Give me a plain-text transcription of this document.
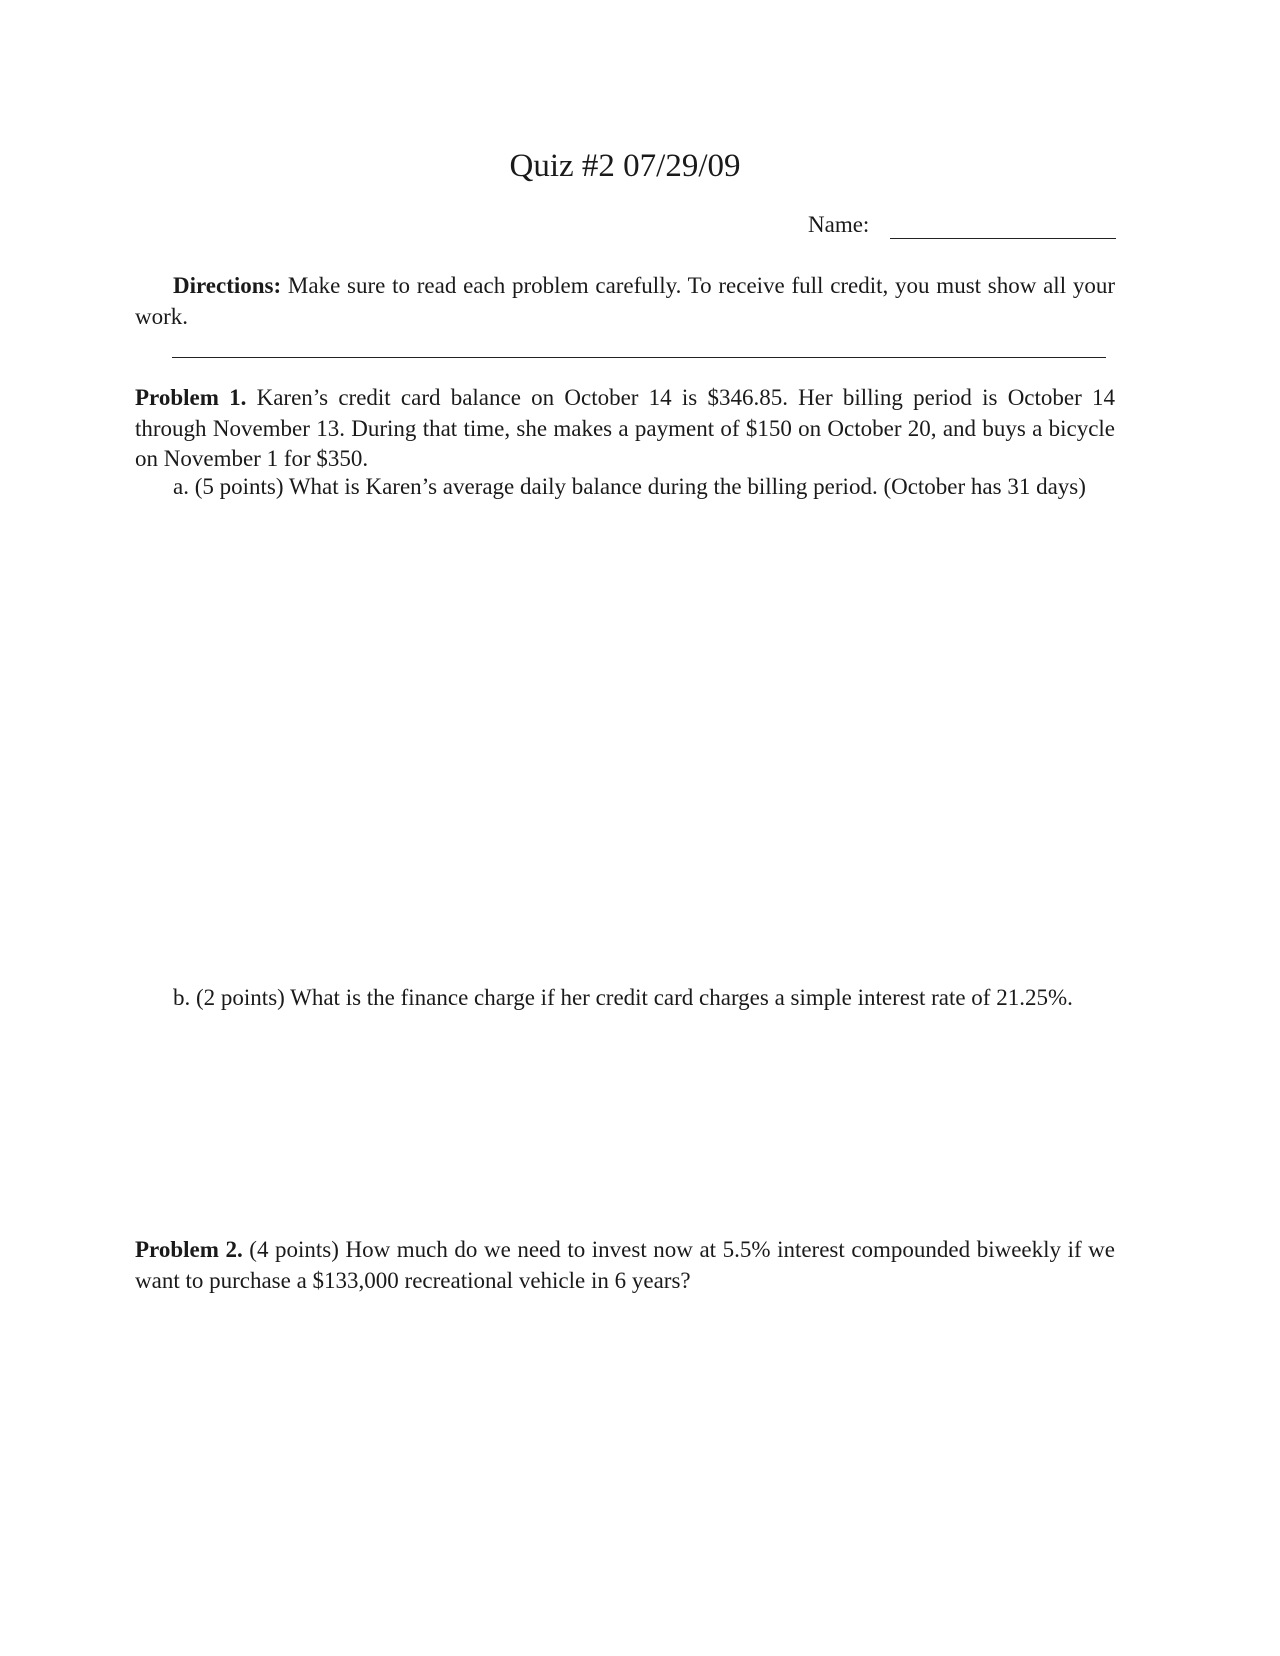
Quiz #2 07/29/09
Name:
Directions: Make sure to read each problem carefully. To receive full credit, you must show all your work.
Problem 1. Karen’s credit card balance on October 14 is $346.85. Her billing period is October 14 through November 13. During that time, she makes a payment of $150 on October 20, and buys a bicycle on November 1 for $350.
a. (5 points) What is Karen’s average daily balance during the billing period. (October has 31 days)
b. (2 points) What is the finance charge if her credit card charges a simple interest rate of 21.25%.
Problem 2. (4 points) How much do we need to invest now at 5.5% interest compounded biweekly if we want to purchase a $133,000 recreational vehicle in 6 years?
